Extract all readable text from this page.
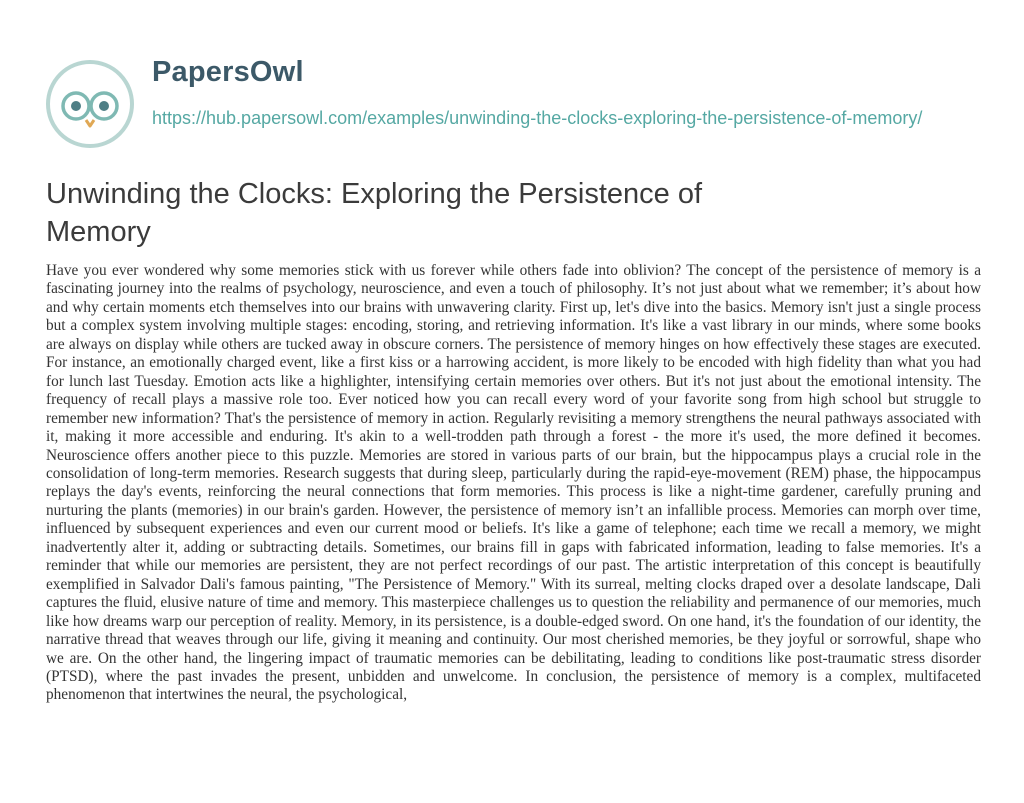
PapersOwl
https://hub.papersowl.com/examples/unwinding-the-clocks-exploring-the-persistence-of-memory/
Unwinding the Clocks: Exploring the Persistence of Memory

Have you ever wondered why some memories stick with us forever while others fade into oblivion? The concept of the persistence of memory is a fascinating journey into the realms of psychology, neuroscience, and even a touch of philosophy. It’s not just about what we remember; it’s about how and why certain moments etch themselves into our brains with unwavering clarity. First up, let's dive into the basics. Memory isn't just a single process but a complex system involving multiple stages: encoding, storing, and retrieving information. It's like a vast library in our minds, where some books are always on display while others are tucked away in obscure corners. The persistence of memory hinges on how effectively these stages are executed. For instance, an emotionally charged event, like a first kiss or a harrowing accident, is more likely to be encoded with high fidelity than what you had for lunch last Tuesday. Emotion acts like a highlighter, intensifying certain memories over others. But it's not just about the emotional intensity. The frequency of recall plays a massive role too. Ever noticed how you can recall every word of your favorite song from high school but struggle to remember new information? That's the persistence of memory in action. Regularly revisiting a memory strengthens the neural pathways associated with it, making it more accessible and enduring. It's akin to a well-trodden path through a forest - the more it's used, the more defined it becomes. Neuroscience offers another piece to this puzzle. Memories are stored in various parts of our brain, but the hippocampus plays a crucial role in the consolidation of long-term memories. Research suggests that during sleep, particularly during the rapid-eye-movement (REM) phase, the hippocampus replays the day's events, reinforcing the neural connections that form memories. This process is like a night-time gardener, carefully pruning and nurturing the plants (memories) in our brain's garden. However, the persistence of memory isn’t an infallible process. Memories can morph over time, influenced by subsequent experiences and even our current mood or beliefs. It's like a game of telephone; each time we recall a memory, we might inadvertently alter it, adding or subtracting details. Sometimes, our brains fill in gaps with fabricated information, leading to false memories. It's a reminder that while our memories are persistent, they are not perfect recordings of our past. The artistic interpretation of this concept is beautifully exemplified in Salvador Dali's famous painting, "The Persistence of Memory." With its surreal, melting clocks draped over a desolate landscape, Dali captures the fluid, elusive nature of time and memory. This masterpiece challenges us to question the reliability and permanence of our memories, much like how dreams warp our perception of reality. Memory, in its persistence, is a double-edged sword. On one hand, it's the foundation of our identity, the narrative thread that weaves through our life, giving it meaning and continuity. Our most cherished memories, be they joyful or sorrowful, shape who we are. On the other hand, the lingering impact of traumatic memories can be debilitating, leading to conditions like post-traumatic stress disorder (PTSD), where the past invades the present, unbidden and unwelcome. In conclusion, the persistence of memory is a complex, multifaceted phenomenon that intertwines the neural, the psychological,
